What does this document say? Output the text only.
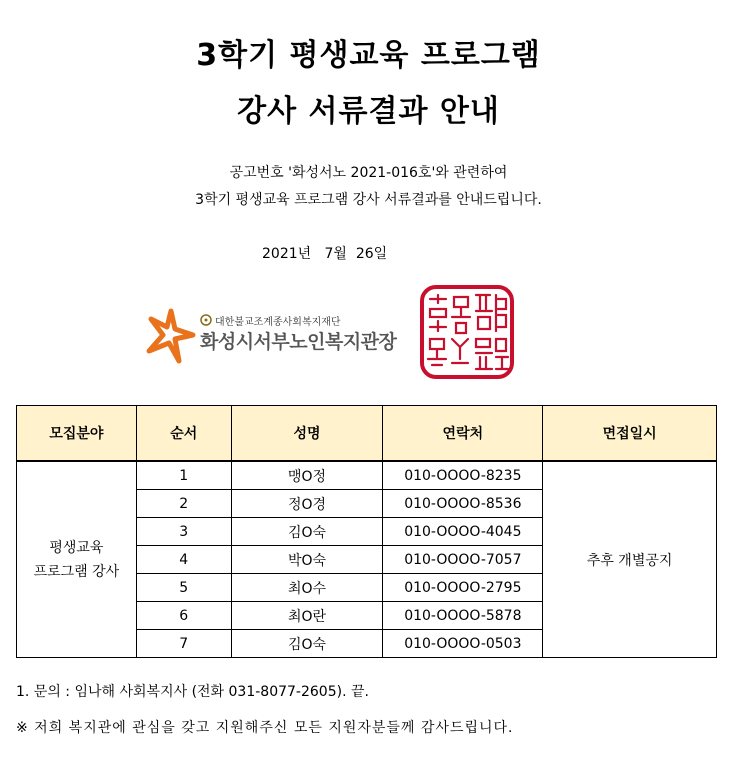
3학기 평생교육 프로그램
강사 서류결과 안내
공고번호 '화성서노 2021-016호'와 관련하여
3학기 평생교육 프로그램 강사 서류결과를 안내드립니다.
2021년   7월  26일
대한불교조계종사회복지재단
화성시서부노인복지관장
모집분야	순서	성명	연락처	면접일시
평생교육
프로그램 강사	1	맹O정	010-OOOO-8235	추후 개별공지
	2	정O경	010-OOOO-8536	
	3	김O숙	010-OOOO-4045	
	4	박O숙	010-OOOO-7057	
	5	최O수	010-OOOO-2795	
	6	최O란	010-OOOO-5878	
	7	김O숙	010-OOOO-0503	
1. 문의 : 임나해 사회복지사 (전화 031-8077-2605). 끝.
※ 저희 복지관에 관심을 갖고 지원해주신 모든 지원자분들께 감사드립니다.
